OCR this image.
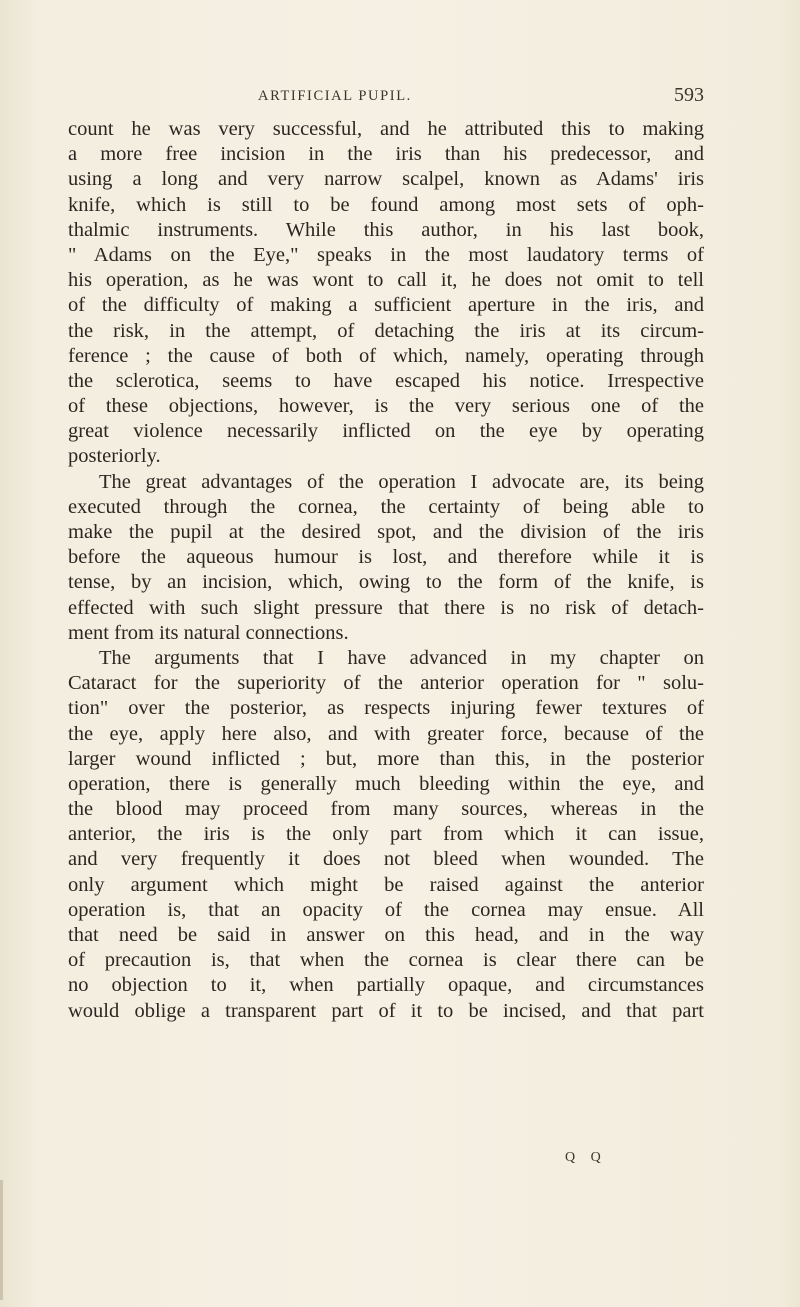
ARTIFICIAL PUPIL.	593
count he was very successful, and he attributed this to making
a more free incision in the iris than his predecessor, and
using a long and very narrow scalpel, known as Adams' iris
knife, which is still to be found among most sets of oph-
thalmic instruments. While this author, in his last book,
" Adams on the Eye," speaks in the most laudatory terms of
his operation, as he was wont to call it, he does not omit to tell
of the difficulty of making a sufficient aperture in the iris, and
the risk, in the attempt, of detaching the iris at its circum-
ference ; the cause of both of which, namely, operating through
the sclerotica, seems to have escaped his notice. Irrespective
of these objections, however, is the very serious one of the
great violence necessarily inflicted on the eye by operating
posteriorly.
The great advantages of the operation I advocate are, its being
executed through the cornea, the certainty of being able to
make the pupil at the desired spot, and the division of the iris
before the aqueous humour is lost, and therefore while it is
tense, by an incision, which, owing to the form of the knife, is
effected with such slight pressure that there is no risk of detach-
ment from its natural connections.
The arguments that I have advanced in my chapter on
Cataract for the superiority of the anterior operation for " solu-
tion" over the posterior, as respects injuring fewer textures of
the eye, apply here also, and with greater force, because of the
larger wound inflicted ; but, more than this, in the posterior
operation, there is generally much bleeding within the eye, and
the blood may proceed from many sources, whereas in the
anterior, the iris is the only part from which it can issue,
and very frequently it does not bleed when wounded. The
only argument which might be raised against the anterior
operation is, that an opacity of the cornea may ensue. All
that need be said in answer on this head, and in the way
of precaution is, that when the cornea is clear there can be
no objection to it, when partially opaque, and circumstances
would oblige a transparent part of it to be incised, and that part
Q Q
